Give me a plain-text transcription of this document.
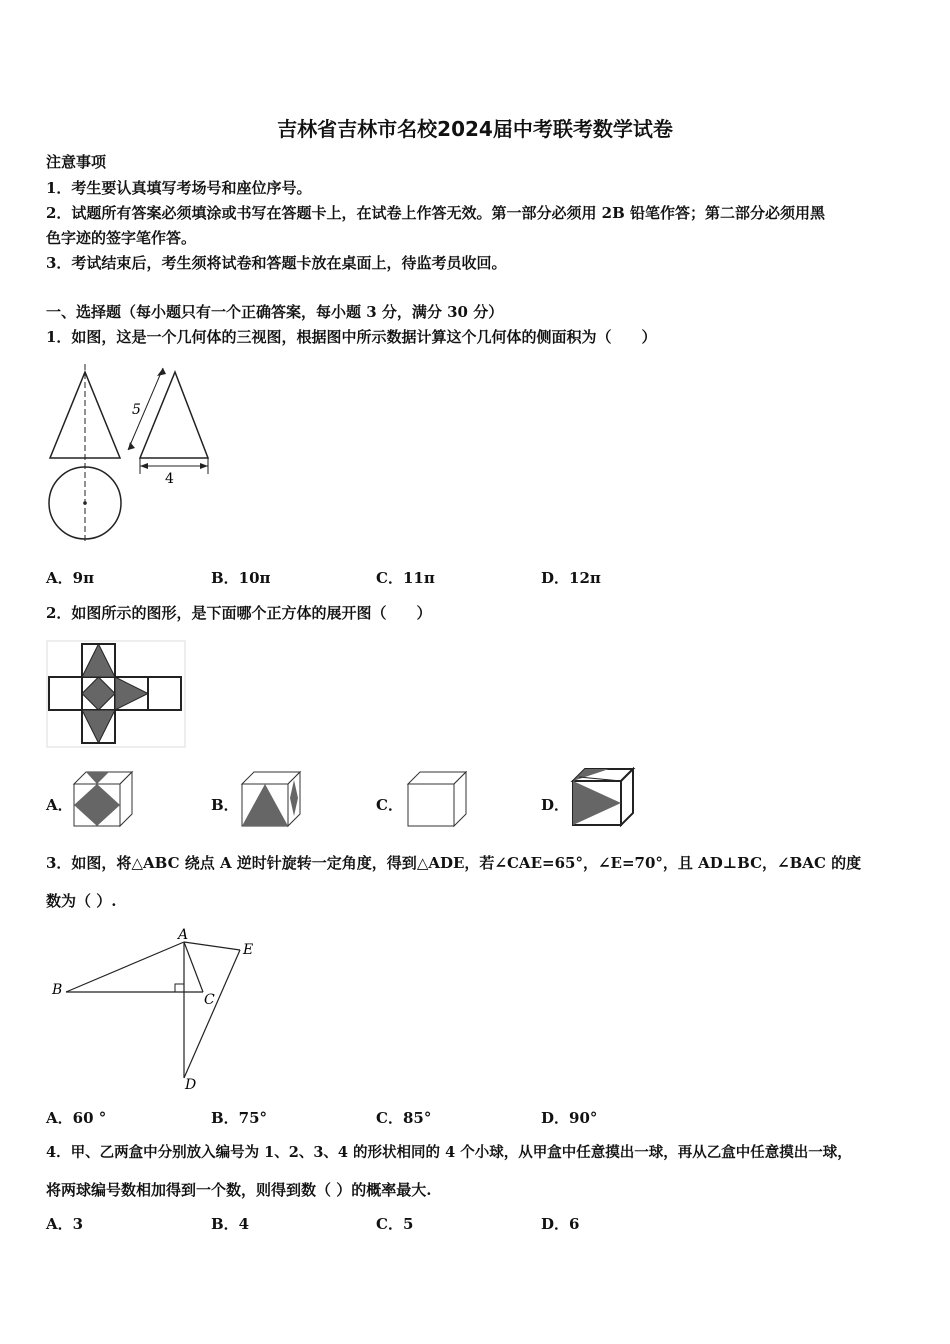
吉林省吉林市名校2024届中考联考数学试卷
注意事项
1．考生要认真填写考场号和座位序号。
2．试题所有答案必须填涂或书写在答题卡上，在试卷上作答无效。第一部分必须用 2B 铅笔作答；第二部分必须用黑
色字迹的签字笔作答。
3．考试结束后，考生须将试卷和答题卡放在桌面上，待监考员收回。
一、选择题（每小题只有一个正确答案，每小题 3 分，满分 30 分）
1．如图，这是一个几何体的三视图，根据图中所示数据计算这个几何体的侧面积为（　　）
5
4
A．9π	B．10π	C．11π	D．12π
2．如图所示的图形，是下面哪个正方体的展开图（　　）
A．	B．	C．	D．
3．如图，将△ABC 绕点 A 逆时针旋转一定角度，得到△ADE，若∠CAE=65°，∠E=70°，且 AD⊥BC，∠BAC 的度
数为（ ）.
A
B
C
D
E
A．60 °	B．75°	C．85°	D．90°
4．甲、乙两盒中分别放入编号为 1、2、3、4 的形状相同的 4 个小球，从甲盒中任意摸出一球，再从乙盒中任意摸出一球，
将两球编号数相加得到一个数，则得到数（ ）的概率最大.
A．3	B．4	C．5	D．6
